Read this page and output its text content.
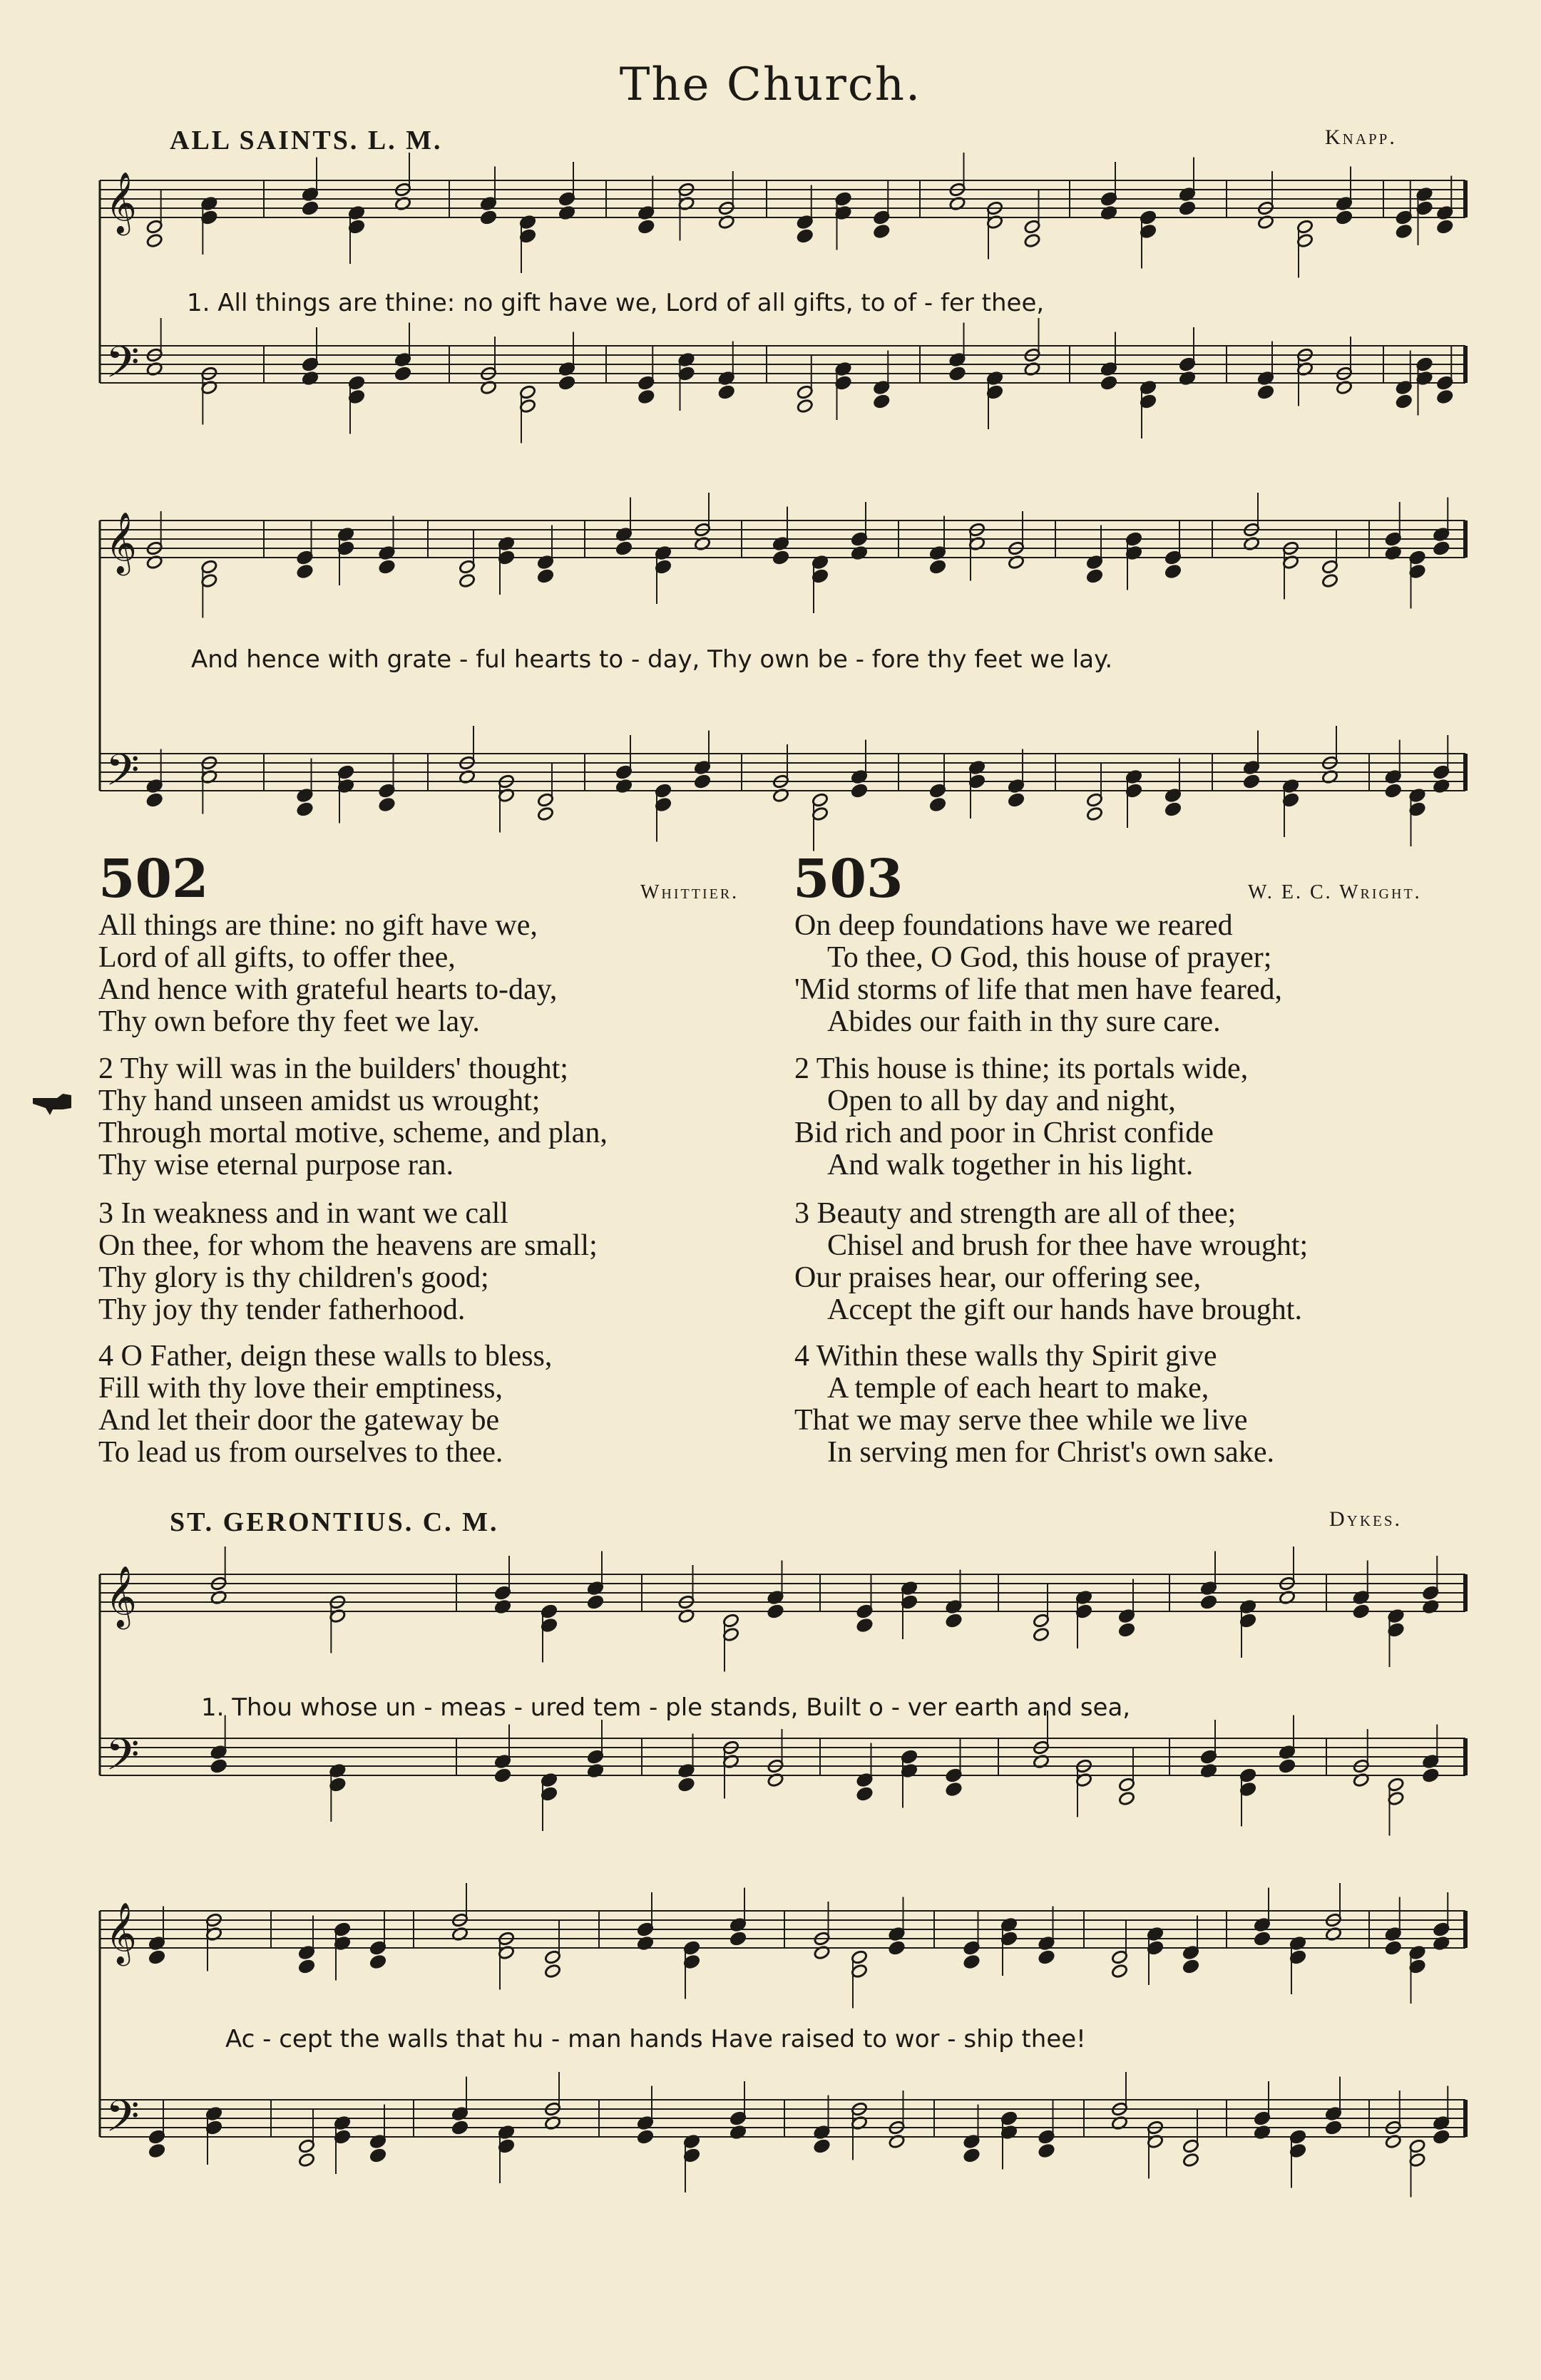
The Church.
ALL SAINTS. L. M.	Knapp.
𝄞
𝄢
1. All things are thine: no gift have we, Lord of all gifts, to of - fer thee,
𝄞
𝄢
And hence with grate - ful hearts to - day, Thy own be - fore thy feet we lay.
502	Whittier.
All things are thine: no gift have we,
Lord of all gifts, to offer thee,
And hence with grateful hearts to-day,
Thy own before thy feet we lay.
2 Thy will was in the builders' thought;
Thy hand unseen amidst us wrought;
Through mortal motive, scheme, and plan,
Thy wise eternal purpose ran.
3 In weakness and in want we call
On thee, for whom the heavens are small;
Thy glory is thy children's good;
Thy joy thy tender fatherhood.
4 O Father, deign these walls to bless,
Fill with thy love their emptiness,
And let their door the gateway be
To lead us from ourselves to thee.
503	W. E. C. Wright.
On deep foundations have we reared
To thee, O God, this house of prayer;
'Mid storms of life that men have feared,
Abides our faith in thy sure care.
2 This house is thine; its portals wide,
Open to all by day and night,
Bid rich and poor in Christ confide
And walk together in his light.
3 Beauty and strength are all of thee;
Chisel and brush for thee have wrought;
Our praises hear, our offering see,
Accept the gift our hands have brought.
4 Within these walls thy Spirit give
A temple of each heart to make,
That we may serve thee while we live
In serving men for Christ's own sake.
ST. GERONTIUS. C. M.	Dykes.
𝄞
𝄢
1. Thou whose un - meas - ured tem - ple stands, Built o - ver earth and sea,
𝄞
𝄢
Ac - cept the walls that hu - man hands Have raised to wor - ship thee!
